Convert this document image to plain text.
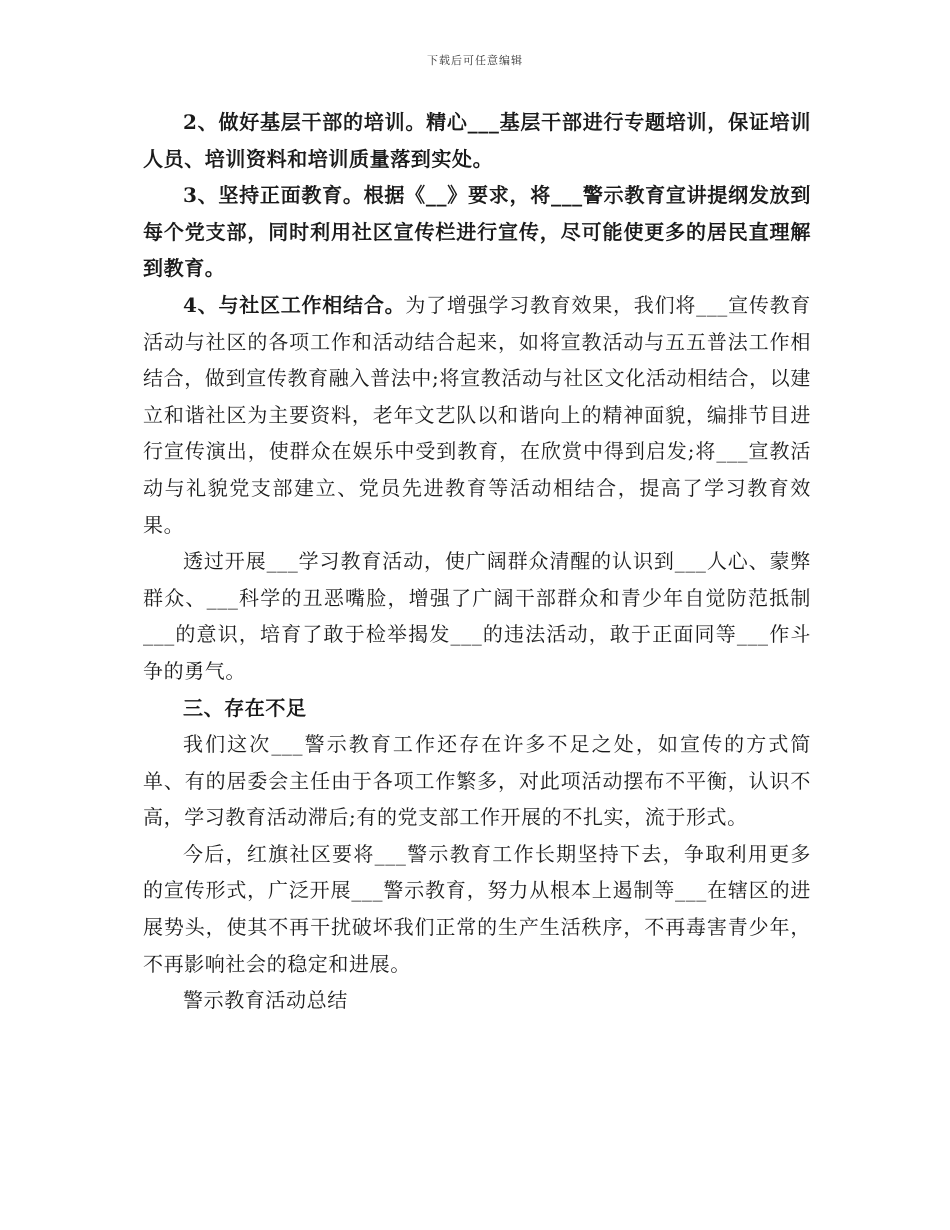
下载后可任意编辑

2、做好基层干部的培训。精心___基层干部进行专题培训，保证培训人员、培训资料和培训质量落到实处。

3、坚持正面教育。根据《__》要求，将___警示教育宣讲提纲发放到每个党支部，同时利用社区宣传栏进行宣传，尽可能使更多的居民直理解到教育。

4、与社区工作相结合。为了增强学习教育效果，我们将___宣传教育活动与社区的各项工作和活动结合起来，如将宣教活动与五五普法工作相结合，做到宣传教育融入普法中;将宣教活动与社区文化活动相结合，以建立和谐社区为主要资料，老年文艺队以和谐向上的精神面貌，编排节目进行宣传演出，使群众在娱乐中受到教育，在欣赏中得到启发;将___宣教活动与礼貌党支部建立、党员先进教育等活动相结合，提高了学习教育效果。

透过开展___学习教育活动，使广阔群众清醒的认识到___人心、蒙弊群众、___科学的丑恶嘴脸，增强了广阔干部群众和青少年自觉防范抵制___的意识，培育了敢于检举揭发___的违法活动，敢于正面同等___作斗争的勇气。

三、存在不足

我们这次___警示教育工作还存在许多不足之处，如宣传的方式简单、有的居委会主任由于各项工作繁多，对此项活动摆布不平衡，认识不高，学习教育活动滞后;有的党支部工作开展的不扎实，流于形式。

今后，红旗社区要将___警示教育工作长期坚持下去，争取利用更多的宣传形式，广泛开展___警示教育，努力从根本上遏制等___在辖区的进展势头，使其不再干扰破坏我们正常的生产生活秩序，不再毒害青少年，不再影响社会的稳定和进展。

警示教育活动总结
